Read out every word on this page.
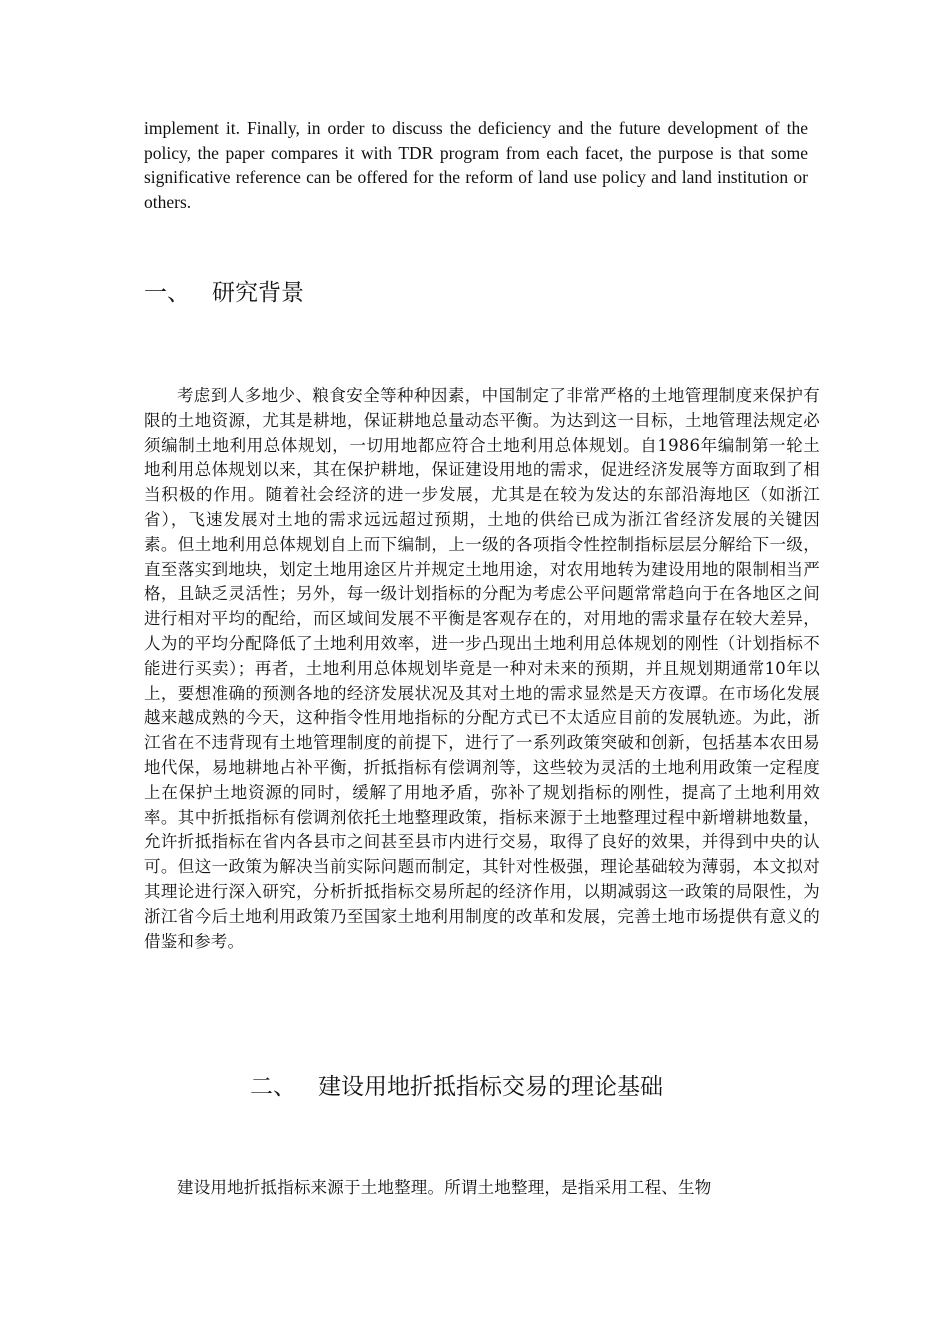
implement it. Finally, in order to discuss the deficiency and the future development of the policy, the paper compares it with TDR program from each facet, the purpose is that some significative reference can be offered for the reform of land use policy and land institution or others.

一、 研究背景

考虑到人多地少、粮食安全等种种因素，中国制定了非常严格的土地管理制度来保护有限的土地资源，尤其是耕地，保证耕地总量动态平衡。为达到这一目标，土地管理法规定必须编制土地利用总体规划，一切用地都应符合土地利用总体规划。自1986年编制第一轮土地利用总体规划以来，其在保护耕地，保证建设用地的需求，促进经济发展等方面取到了相当积极的作用。随着社会经济的进一步发展，尤其是在较为发达的东部沿海地区（如浙江省），飞速发展对土地的需求远远超过预期，土地的供给已成为浙江省经济发展的关键因素。但土地利用总体规划自上而下编制，上一级的各项指令性控制指标层层分解给下一级，直至落实到地块，划定土地用途区片并规定土地用途，对农用地转为建设用地的限制相当严格，且缺乏灵活性；另外，每一级计划指标的分配为考虑公平问题常常趋向于在各地区之间进行相对平均的配给，而区域间发展不平衡是客观存在的，对用地的需求量存在较大差异，人为的平均分配降低了土地利用效率，进一步凸现出土地利用总体规划的刚性（计划指标不能进行买卖）；再者，土地利用总体规划毕竟是一种对未来的预期，并且规划期通常10年以上，要想准确的预测各地的经济发展状况及其对土地的需求显然是天方夜谭。在市场化发展越来越成熟的今天，这种指令性用地指标的分配方式已不太适应目前的发展轨迹。为此，浙江省在不违背现有土地管理制度的前提下，进行了一系列政策突破和创新，包括基本农田易地代保，易地耕地占补平衡，折抵指标有偿调剂等，这些较为灵活的土地利用政策一定程度上在保护土地资源的同时，缓解了用地矛盾，弥补了规划指标的刚性，提高了土地利用效率。其中折抵指标有偿调剂依托土地整理政策，指标来源于土地整理过程中新增耕地数量，允许折抵指标在省内各县市之间甚至县市内进行交易，取得了良好的效果，并得到中央的认可。但这一政策为解决当前实际问题而制定，其针对性极强，理论基础较为薄弱，本文拟对其理论进行深入研究，分析折抵指标交易所起的经济作用，以期减弱这一政策的局限性，为浙江省今后土地利用政策乃至国家土地利用制度的改革和发展，完善土地市场提供有意义的借鉴和参考。

二、 建设用地折抵指标交易的理论基础

建设用地折抵指标来源于土地整理。所谓土地整理，是指采用工程、生物
